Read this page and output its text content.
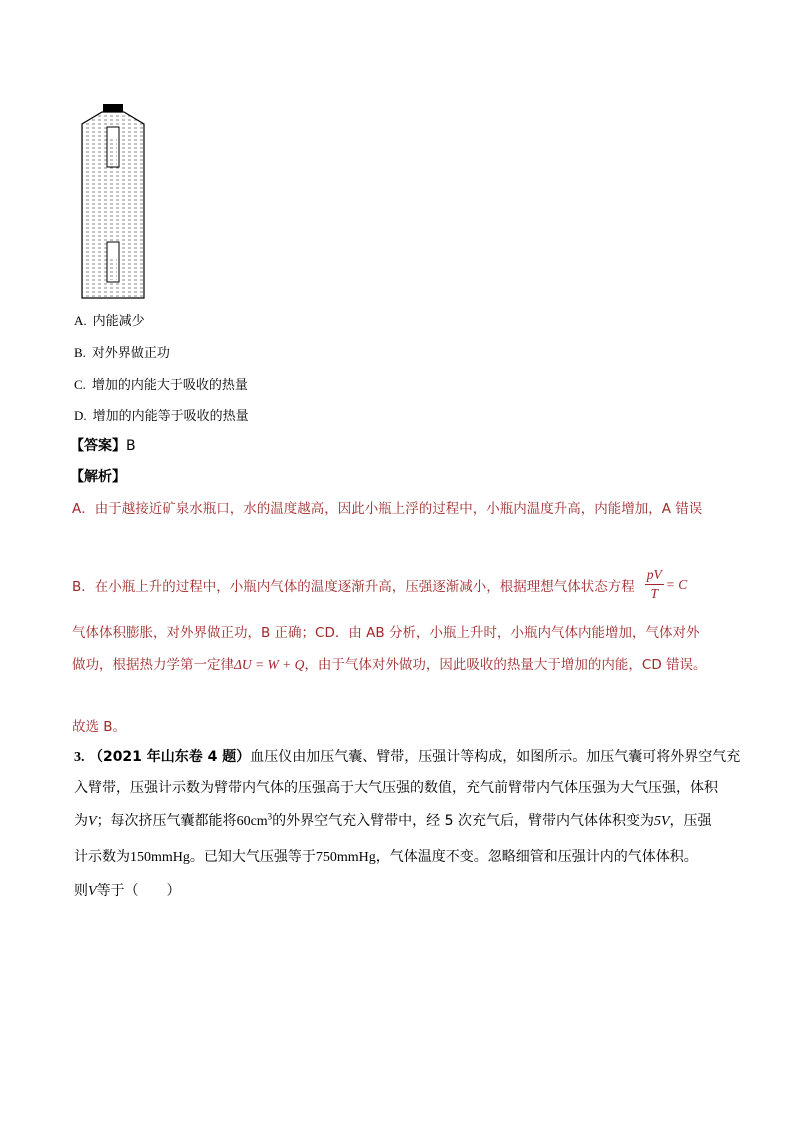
A. 内能减少
B. 对外界做正功
C. 增加的内能大于吸收的热量
D. 增加的内能等于吸收的热量
【答案】B
【解析】
A．由于越接近矿泉水瓶口，水的温度越高，因此小瓶上浮的过程中，小瓶内温度升高，内能增加，A 错误
B．在小瓶上升的过程中，小瓶内气体的温度逐渐升高，压强逐渐减小，根据理想气体状态方程 $\frac{pV}{T} = C$
气体体积膨胀，对外界做正功，B 正确；CD．由 AB 分析，小瓶上升时，小瓶内气体内能增加，气体对外
做功，根据热力学第一定律ΔU = W + Q，由于气体对外做功，因此吸收的热量大于增加的内能，CD 错误。
故选 B。
3. （2021 年山东卷 4 题）血压仪由加压气囊、臂带，压强计等构成，如图所示。加压气囊可将外界空气充
入臂带，压强计示数为臂带内气体的压强高于大气压强的数值，充气前臂带内气体压强为大气压强，体积
为V；每次挤压气囊都能将$60cm^3$的外界空气充入臂带中，经 5 次充气后，臂带内气体体积变为5V，压强
计示数为150mmHg。已知大气压强等于750mmHg，气体温度不变。忽略细管和压强计内的气体体积。
则V等于（　　）
